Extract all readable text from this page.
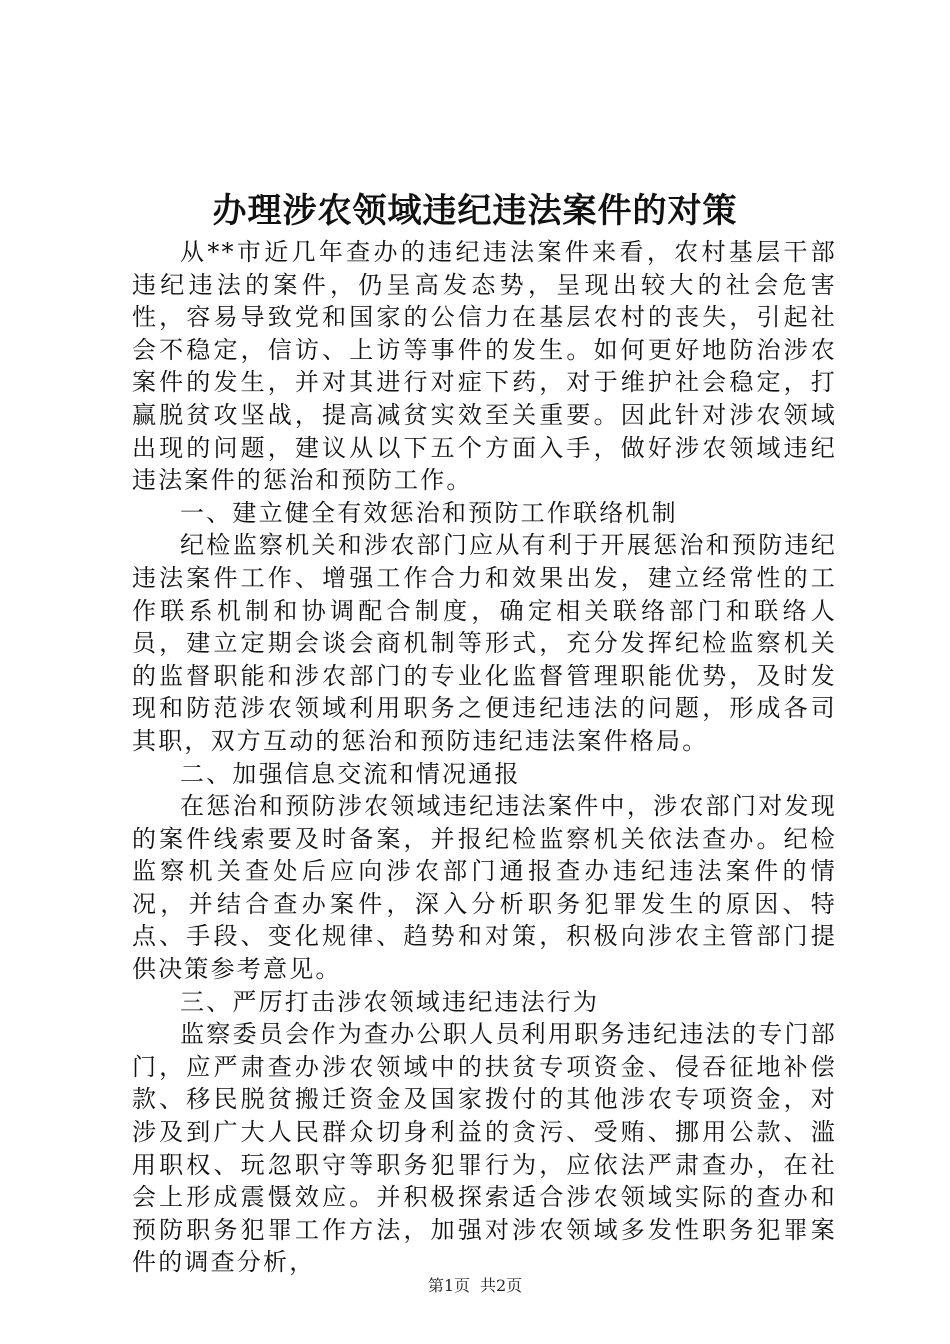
办理涉农领域违纪违法案件的对策

从**市近几年查办的违纪违法案件来看，农村基层干部违纪违法的案件，仍呈高发态势，呈现出较大的社会危害性，容易导致党和国家的公信力在基层农村的丧失，引起社会不稳定，信访、上访等事件的发生。如何更好地防治涉农案件的发生，并对其进行对症下药，对于维护社会稳定，打赢脱贫攻坚战，提高减贫实效至关重要。因此针对涉农领域出现的问题，建议从以下五个方面入手，做好涉农领域违纪违法案件的惩治和预防工作。

一、建立健全有效惩治和预防工作联络机制

纪检监察机关和涉农部门应从有利于开展惩治和预防违纪违法案件工作、增强工作合力和效果出发，建立经常性的工作联系机制和协调配合制度，确定相关联络部门和联络人员，建立定期会谈会商机制等形式，充分发挥纪检监察机关的监督职能和涉农部门的专业化监督管理职能优势，及时发现和防范涉农领域利用职务之便违纪违法的问题，形成各司其职，双方互动的惩治和预防违纪违法案件格局。

二、加强信息交流和情况通报

在惩治和预防涉农领域违纪违法案件中，涉农部门对发现的案件线索要及时备案，并报纪检监察机关依法查办。纪检监察机关查处后应向涉农部门通报查办违纪违法案件的情况，并结合查办案件，深入分析职务犯罪发生的原因、特点、手段、变化规律、趋势和对策，积极向涉农主管部门提供决策参考意见。

三、严厉打击涉农领域违纪违法行为

监察委员会作为查办公职人员利用职务违纪违法的专门部门，应严肃查办涉农领域中的扶贫专项资金、侵吞征地补偿款、移民脱贫搬迁资金及国家拨付的其他涉农专项资金，对涉及到广大人民群众切身利益的贪污、受贿、挪用公款、滥用职权、玩忽职守等职务犯罪行为，应依法严肃查办，在社会上形成震慑效应。并积极探索适合涉农领域实际的查办和预防职务犯罪工作方法，加强对涉农领域多发性职务犯罪案件的调查分析，

第1页 共2页
